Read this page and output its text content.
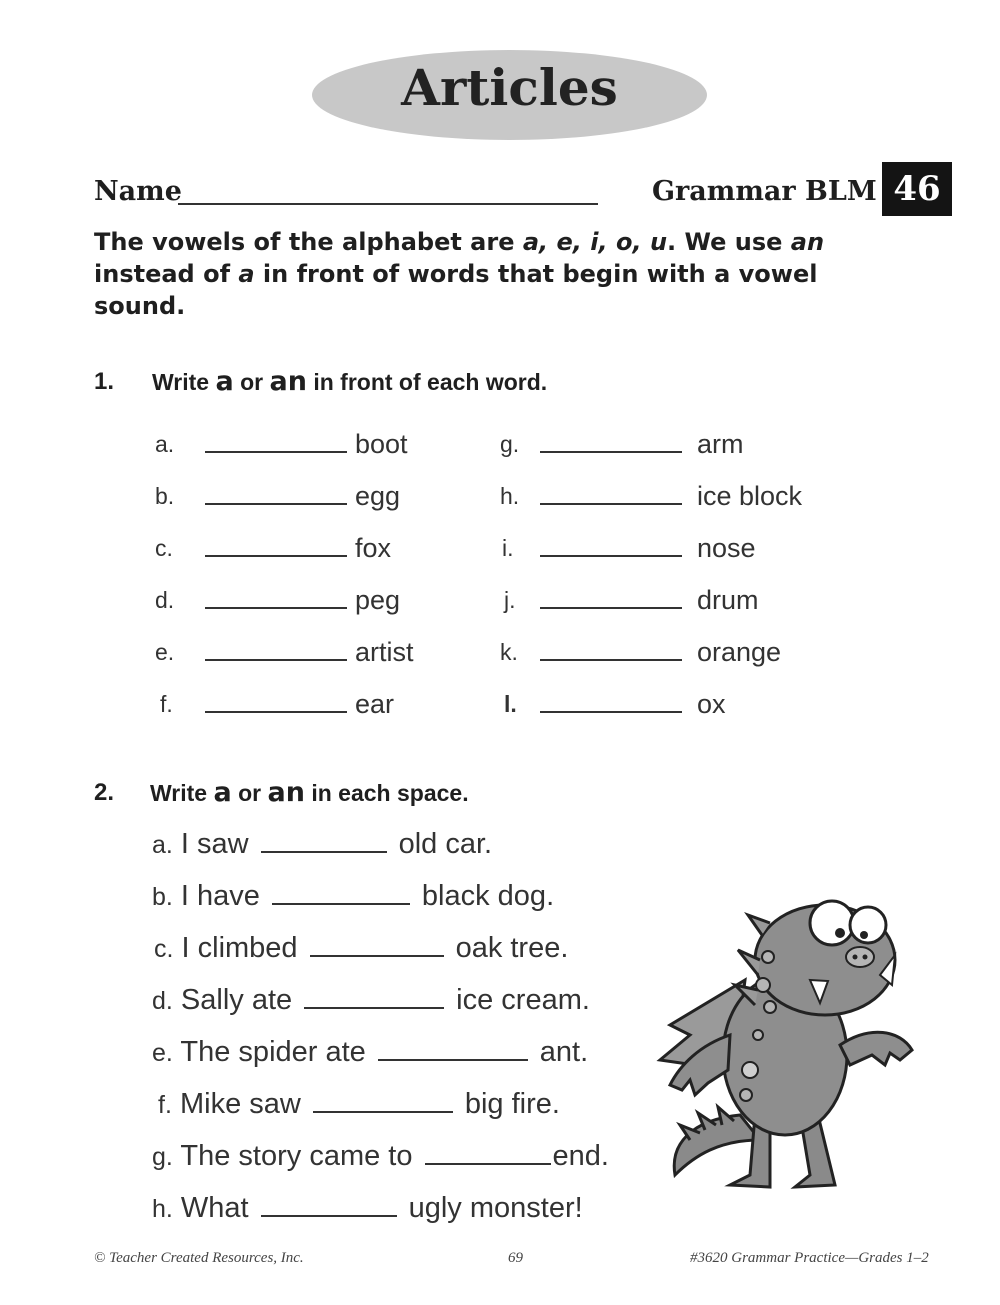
Articles
Name	Grammar BLM 46
The vowels of the alphabet are a, e, i, o, u. We use an instead of a in front of words that begin with a vowel sound.
1. Write a or an in front of each word.
a.	boot
b.	egg
c.	fox
d.	peg
e.	artist
f.	ear
g.	arm
h.	ice block
i.	nose
j.	drum
k.	orange
l.	ox
2. Write a or an in each space.
a. I saw	old car.
b. I have	black dog.
c. I climbed	oak tree.
d. Sally ate	ice cream.
e. The spider ate	ant.
f. Mike saw	big fire.
g. The story came to	end.
h. What	ugly monster!
© Teacher Created Resources, Inc.	69	#3620 Grammar Practice—Grades 1–2
